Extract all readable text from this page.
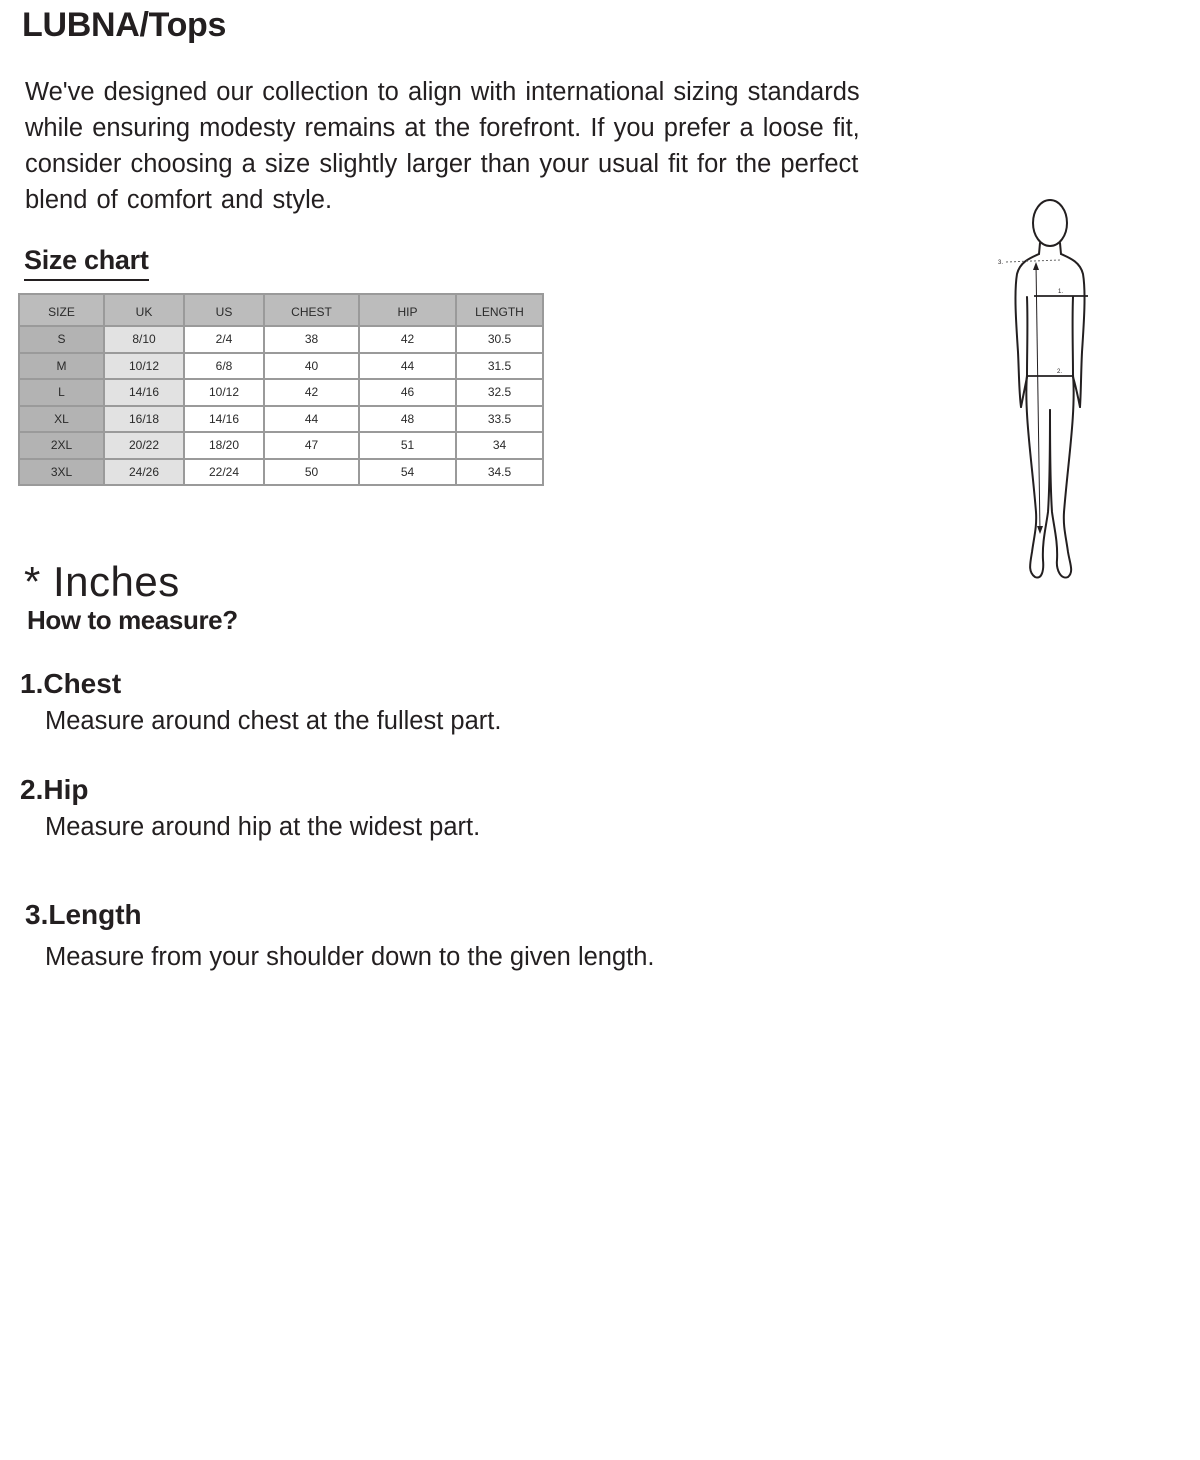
LUBNA/Tops

We've designed our collection to align with international sizing standards
while ensuring modesty remains at the forefront. If you prefer a loose fit,
consider choosing a size slightly larger than your usual fit for the perfect
blend of comfort and style.

Size chart
SIZE	UK	US	CHEST	HIP	LENGTH
S	8/10	2/4	38	42	30.5
M	10/12	6/8	40	44	31.5
L	14/16	10/12	42	46	32.5
XL	16/18	14/16	44	48	33.5
2XL	20/22	18/20	47	51	34
3XL	24/26	22/24	50	54	34.5
1.
2.
3.

* Inches

How to measure?
1.Chest

Measure around chest at the fullest part.

2.Hip

Measure around hip at the widest part.

3.Length

Measure from your shoulder down to the given length.
